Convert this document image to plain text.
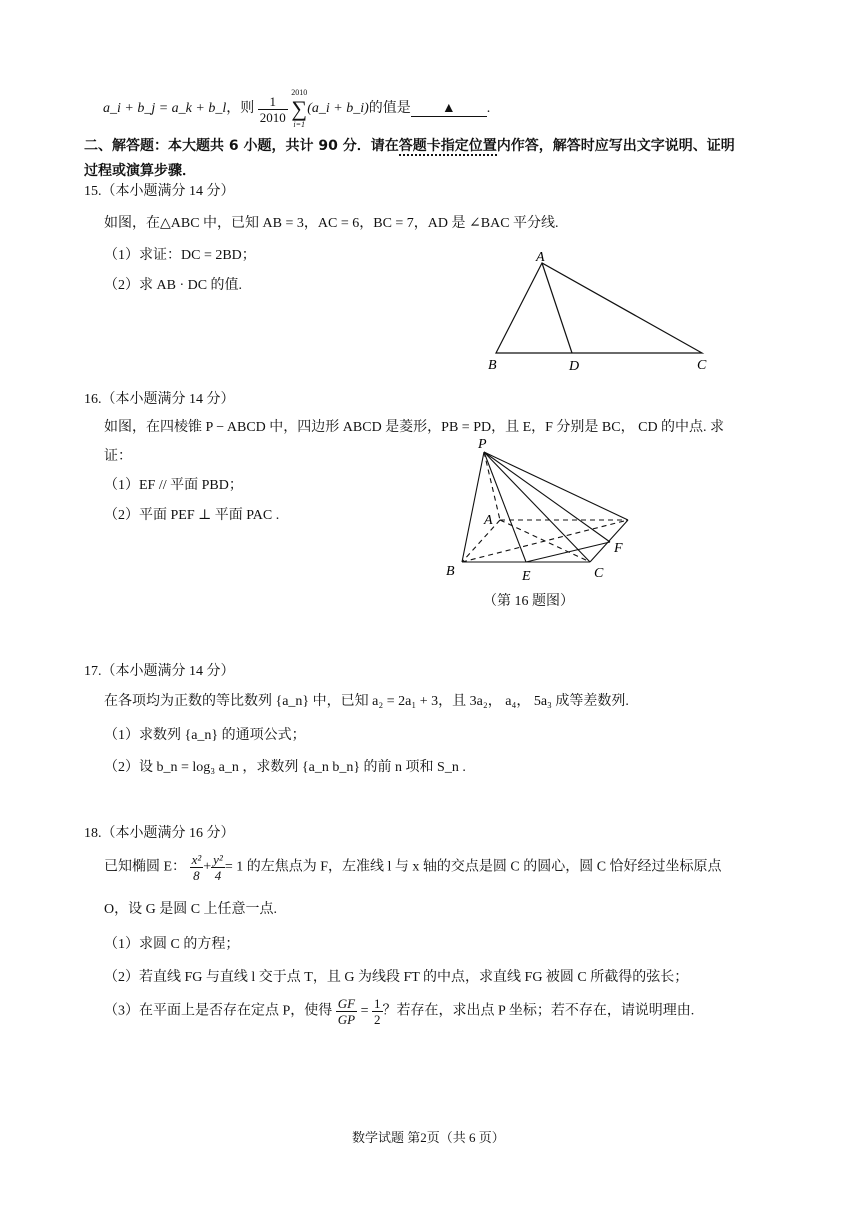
a_i + b_j = a_k + b_l，则 $\frac{1}{2010}$

2010
∑
i=1
(a_i + b_i)的值是 ▲ .
二、解答题：本大题共 6 小题，共计 90 分．请在答题卡指定位置内作答，解答时应写出文字说明、证明
过程或演算步骤．
15.（本小题满分 14 分）
如图，在△ABC 中，已知 AB = 3，AC = 6，BC = 7，AD 是 ∠BAC 平分线.
（1）求证：DC = 2BD；
（2）求 AB · DC 的值.
A
B	D	C
16.（本小题满分 14 分）
如图，在四棱锥 P − ABCD 中，四边形 ABCD 是菱形，PB = PD，且 E，F 分别是 BC， CD 的中点. 求
证：
（1）EF // 平面 PBD；
（2）平面 PEF ⊥ 平面 PAC .
P
A
B	E	C
F
（第 16 题图）
17.（本小题满分 14 分）
在各项均为正数的等比数列 {a_n} 中，已知 a₂ = 2a₁ + 3，且 3a₂， a₄， 5a₃ 成等差数列.
（1）求数列 {a_n} 的通项公式；
（2）设 b_n = log₃ a_n ，求数列 {a_n b_n} 的前 n 项和 S_n .
18.（本小题满分 16 分）
已知椭圆 E： $\frac{\text{x²}}{8} + \frac{\text{y²}}{4} = 1$ 的左焦点为 F，左准线 l 与 x 轴的交点是圆 C 的圆心，圆 C 恰好经过坐标原点
O，设 G 是圆 C 上任意一点.
（1）求圆 C 的方程；
（2）若直线 FG 与直线 l 交于点 T，且 G 为线段 FT 的中点，求直线 FG 被圆 C 所截得的弦长；
（3）在平面上是否存在定点 P，使得 $\frac{GF}{GP} = \frac{1}{2}$ ？若存在，求出点 P 坐标；若不存在，请说明理由.
数学试题 第2页（共 6 页）
